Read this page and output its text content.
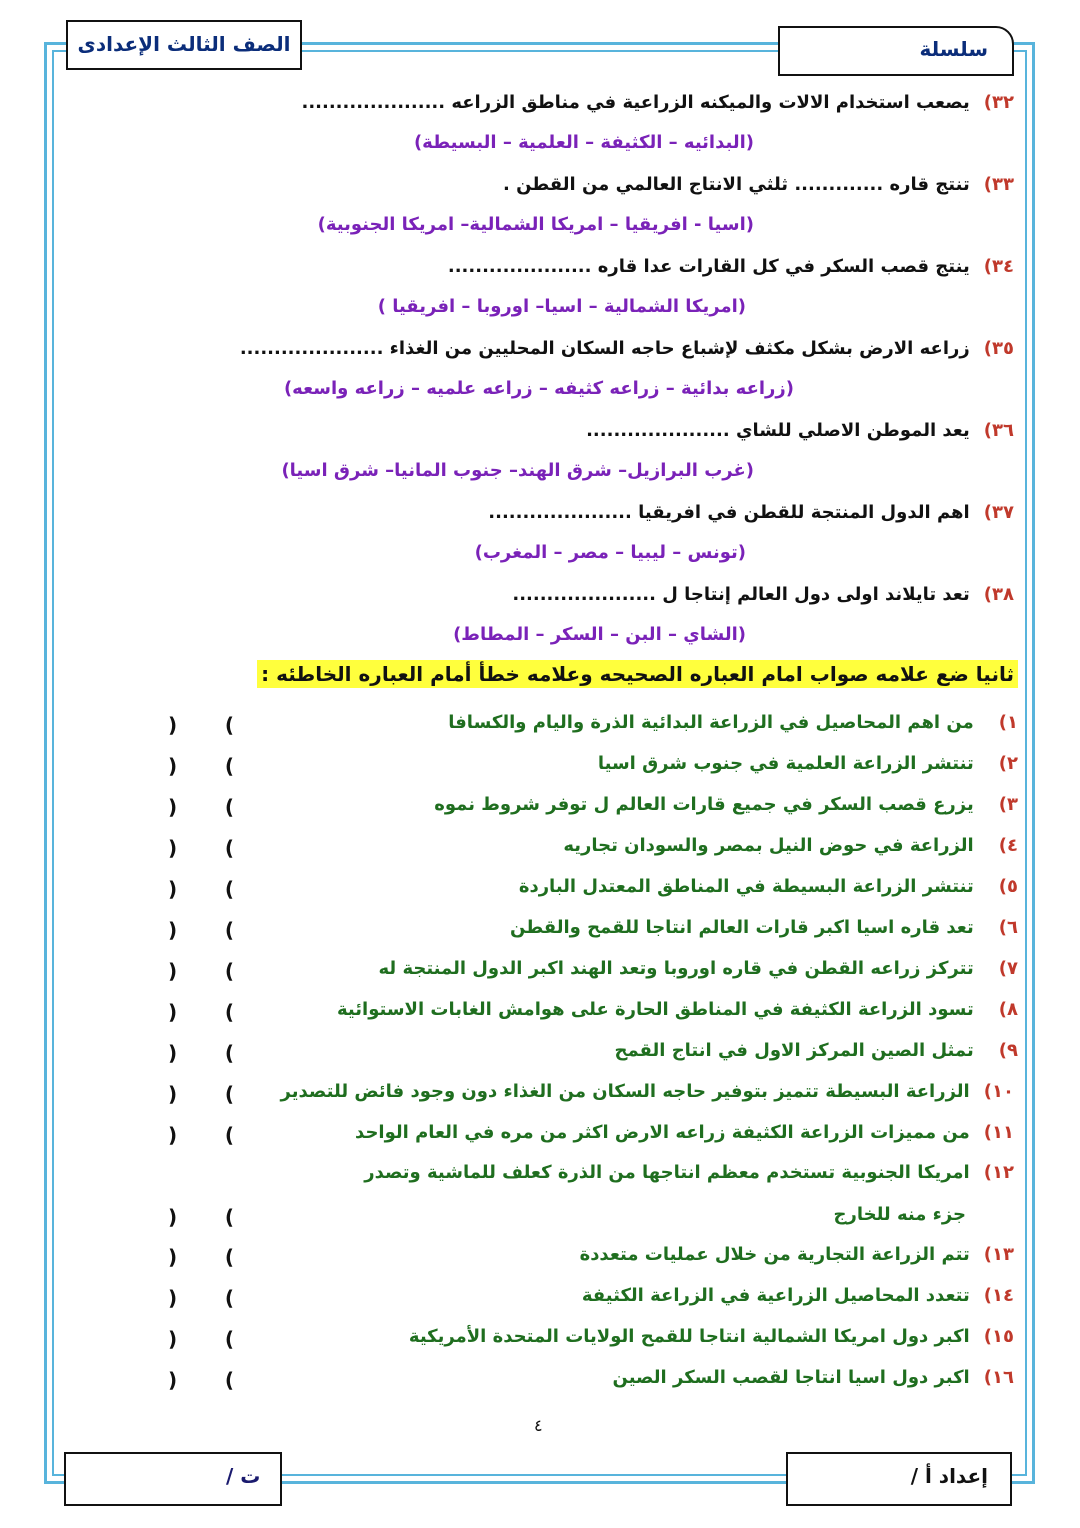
الصف الثالث الإعدادى	سلسلة
٣٢) يصعب استخدام الالات والميكنه الزراعية في مناطق الزراعه .....................
(البدائيه – الكثيفة – العلمية – البسيطة)
٣٣) تنتج قاره ............. ثلثي الانتاج العالمي من القطن .
(اسيا - افريقيا – امريكا الشمالية– امريكا الجنوبية)
٣٤) ينتج قصب السكر في كل القارات عدا قاره .....................
(امريكا الشمالية – اسيا– اوروبا – افريقيا )
٣٥) زراعه الارض بشكل مكثف لإشباع حاجه السكان المحليين من الغذاء .....................
(زراعه بدائية – زراعه كثيفه – زراعه علميه – زراعه واسعه)
٣٦) يعد الموطن الاصلي للشاي .....................
(غرب البرازيل– شرق الهند– جنوب المانيا– شرق اسيا)
٣٧) اهم الدول المنتجة للقطن في افريقيا .....................
(تونس – ليبيا – مصر – المغرب)
٣٨) تعد تايلاند اولى دول العالم إنتاجا ل .....................
(الشاي – البن – السكر – المطاط)
ثانيا ضع علامه صواب امام العباره الصحيحه وعلامه خطأ أمام العباره الخاطئه :
١) من اهم المحاصيل في الزراعة البدائية الذرة واليام والكسافا
) (
٢) تنتشر الزراعة العلمية في جنوب شرق اسيا
) (
٣) يزرع قصب السكر في جميع قارات العالم ل توفر شروط نموه
) (
٤) الزراعة في حوض النيل بمصر والسودان تجاريه
) (
٥) تنتشر الزراعة البسيطة في المناطق المعتدل الباردة
) (
٦) تعد قاره اسيا اكبر قارات العالم انتاجا للقمح والقطن
) (
٧) تتركز زراعه القطن في قاره اوروبا وتعد الهند اكبر الدول المنتجة له
) (
٨) تسود الزراعة الكثيفة في المناطق الحارة على هوامش الغابات الاستوائية
) (
٩) تمثل الصين المركز الاول في انتاج القمح
) (
١٠) الزراعة البسيطة تتميز بتوفير حاجه السكان من الغذاء دون وجود فائض للتصدير
) (
١١) من مميزات الزراعة الكثيفة زراعه الارض اكثر من مره في العام الواحد
) (
١٢) امريكا الجنوبية تستخدم معظم انتاجها من الذرة كعلف للماشية وتصدر
جزء منه للخارج
) (
١٣) تتم الزراعة التجارية من خلال عمليات متعددة
) (
١٤) تتعدد المحاصيل الزراعية في الزراعة الكثيفة
) (
١٥) اكبر دول امريكا الشمالية انتاجا للقمح الولايات المتحدة الأمريكية
) (
١٦) اكبر دول اسيا انتاجا لقصب السكر الصين
) (
٤
ت /	إعداد أ /
